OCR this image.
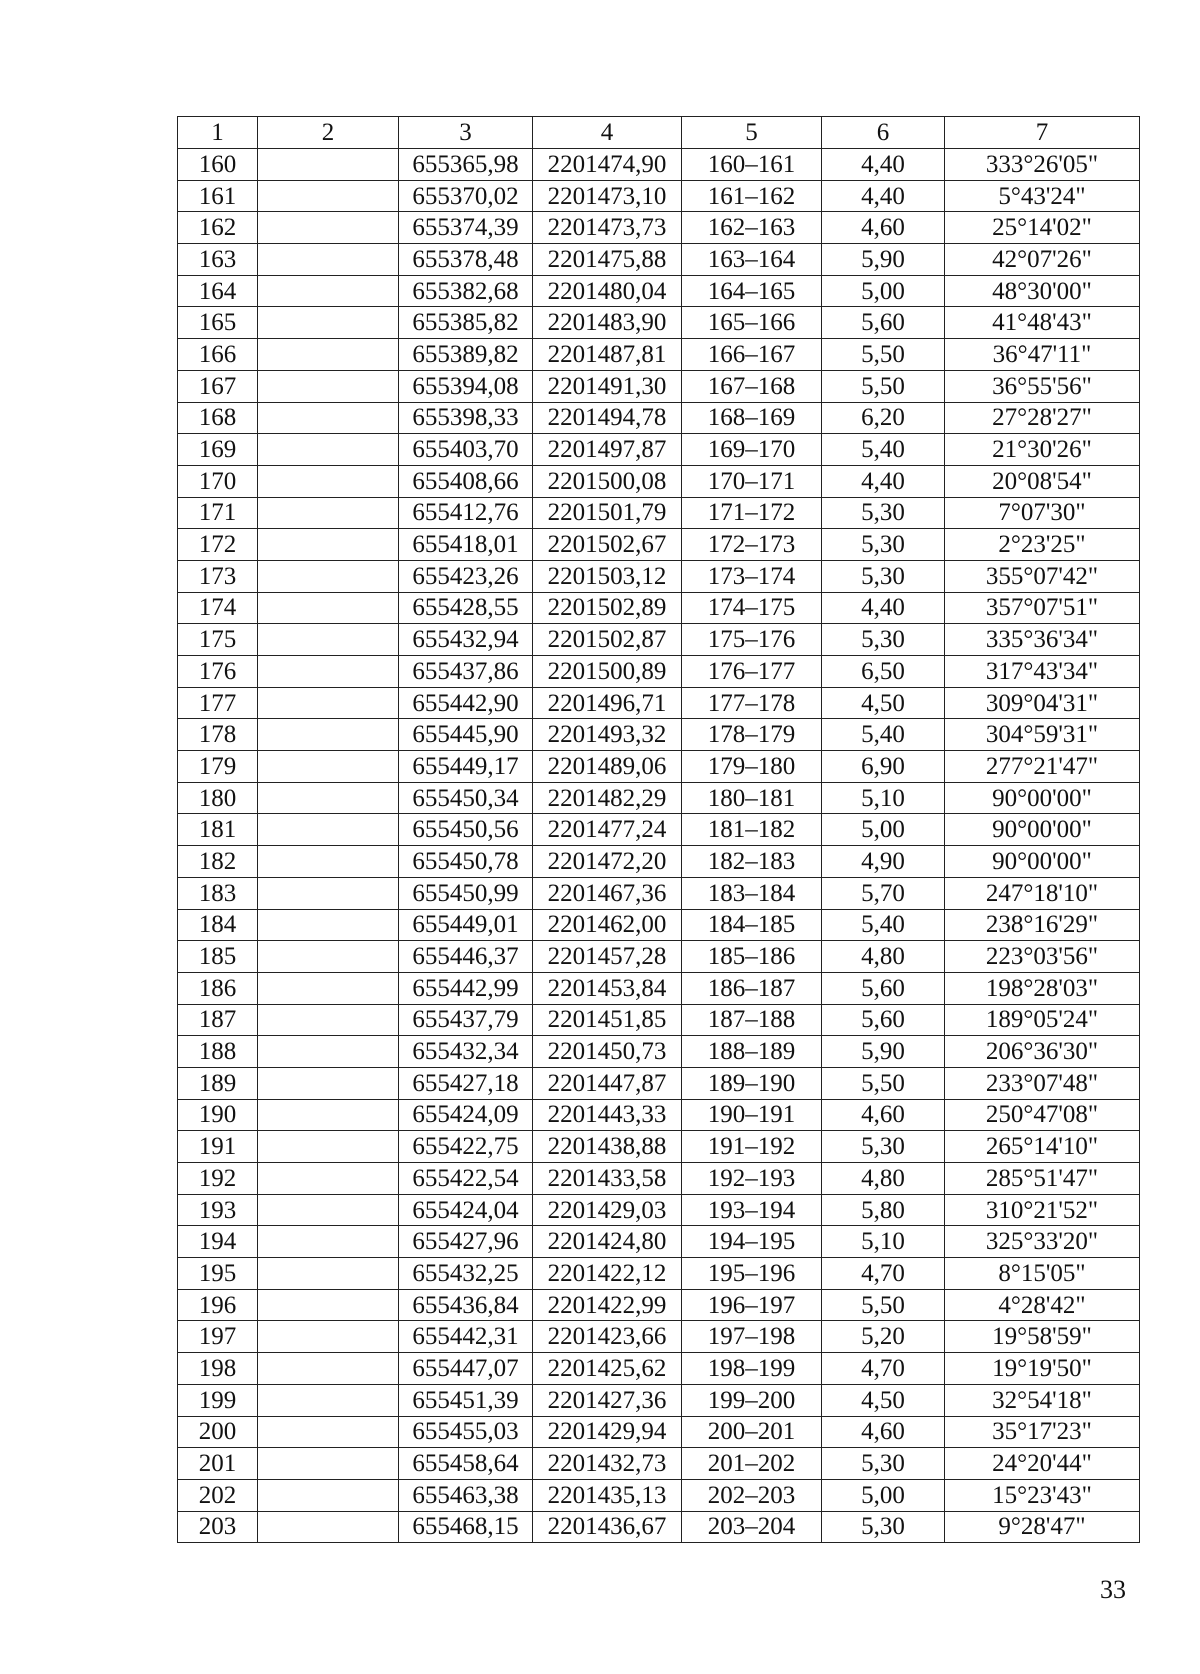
1	2	3	4	5	6	7
160		655365,98	2201474,90	160–161	4,40	333°26'05"
161		655370,02	2201473,10	161–162	4,40	5°43'24"
162		655374,39	2201473,73	162–163	4,60	25°14'02"
163		655378,48	2201475,88	163–164	5,90	42°07'26"
164		655382,68	2201480,04	164–165	5,00	48°30'00"
165		655385,82	2201483,90	165–166	5,60	41°48'43"
166		655389,82	2201487,81	166–167	5,50	36°47'11"
167		655394,08	2201491,30	167–168	5,50	36°55'56"
168		655398,33	2201494,78	168–169	6,20	27°28'27"
169		655403,70	2201497,87	169–170	5,40	21°30'26"
170		655408,66	2201500,08	170–171	4,40	20°08'54"
171		655412,76	2201501,79	171–172	5,30	7°07'30"
172		655418,01	2201502,67	172–173	5,30	2°23'25"
173		655423,26	2201503,12	173–174	5,30	355°07'42"
174		655428,55	2201502,89	174–175	4,40	357°07'51"
175		655432,94	2201502,87	175–176	5,30	335°36'34"
176		655437,86	2201500,89	176–177	6,50	317°43'34"
177		655442,90	2201496,71	177–178	4,50	309°04'31"
178		655445,90	2201493,32	178–179	5,40	304°59'31"
179		655449,17	2201489,06	179–180	6,90	277°21'47"
180		655450,34	2201482,29	180–181	5,10	90°00'00"
181		655450,56	2201477,24	181–182	5,00	90°00'00"
182		655450,78	2201472,20	182–183	4,90	90°00'00"
183		655450,99	2201467,36	183–184	5,70	247°18'10"
184		655449,01	2201462,00	184–185	5,40	238°16'29"
185		655446,37	2201457,28	185–186	4,80	223°03'56"
186		655442,99	2201453,84	186–187	5,60	198°28'03"
187		655437,79	2201451,85	187–188	5,60	189°05'24"
188		655432,34	2201450,73	188–189	5,90	206°36'30"
189		655427,18	2201447,87	189–190	5,50	233°07'48"
190		655424,09	2201443,33	190–191	4,60	250°47'08"
191		655422,75	2201438,88	191–192	5,30	265°14'10"
192		655422,54	2201433,58	192–193	4,80	285°51'47"
193		655424,04	2201429,03	193–194	5,80	310°21'52"
194		655427,96	2201424,80	194–195	5,10	325°33'20"
195		655432,25	2201422,12	195–196	4,70	8°15'05"
196		655436,84	2201422,99	196–197	5,50	4°28'42"
197		655442,31	2201423,66	197–198	5,20	19°58'59"
198		655447,07	2201425,62	198–199	4,70	19°19'50"
199		655451,39	2201427,36	199–200	4,50	32°54'18"
200		655455,03	2201429,94	200–201	4,60	35°17'23"
201		655458,64	2201432,73	201–202	5,30	24°20'44"
202		655463,38	2201435,13	202–203	5,00	15°23'43"
203		655468,15	2201436,67	203–204	5,30	9°28'47"
33
